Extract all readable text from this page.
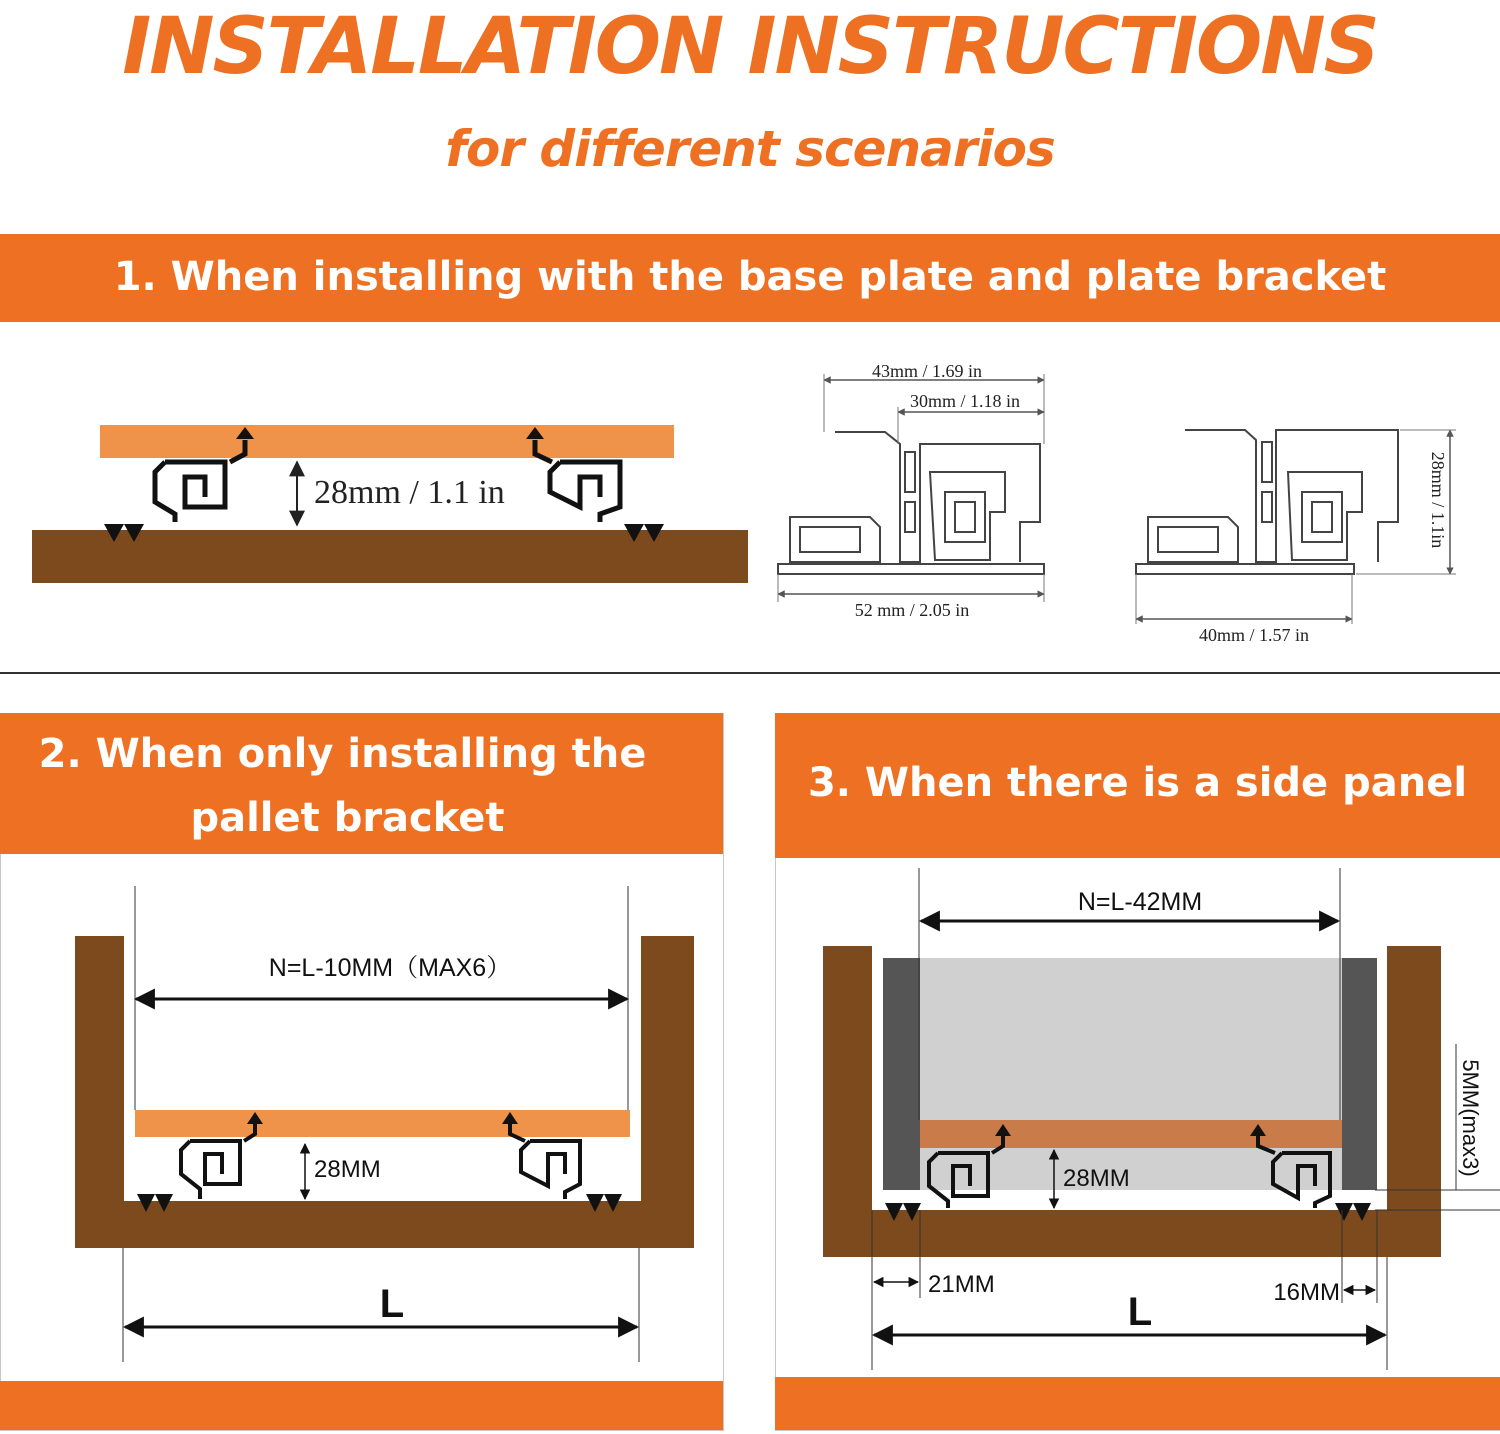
INSTALLATION INSTRUCTIONS
for different scenarios
1. When installing with the base plate and plate bracket
28mm / 1.1 in
43mm / 1.69 in
30mm / 1.18 in
52 mm / 2.05 in
28mm / 1.1in
40mm / 1.57 in
2. When only installing the
pallet bracket
N=L-10MM（MAX6）
28MM
L
3. When there is a side panel
N=L-42MM
28MM
5MM(max3)
21MM	16MM
L
